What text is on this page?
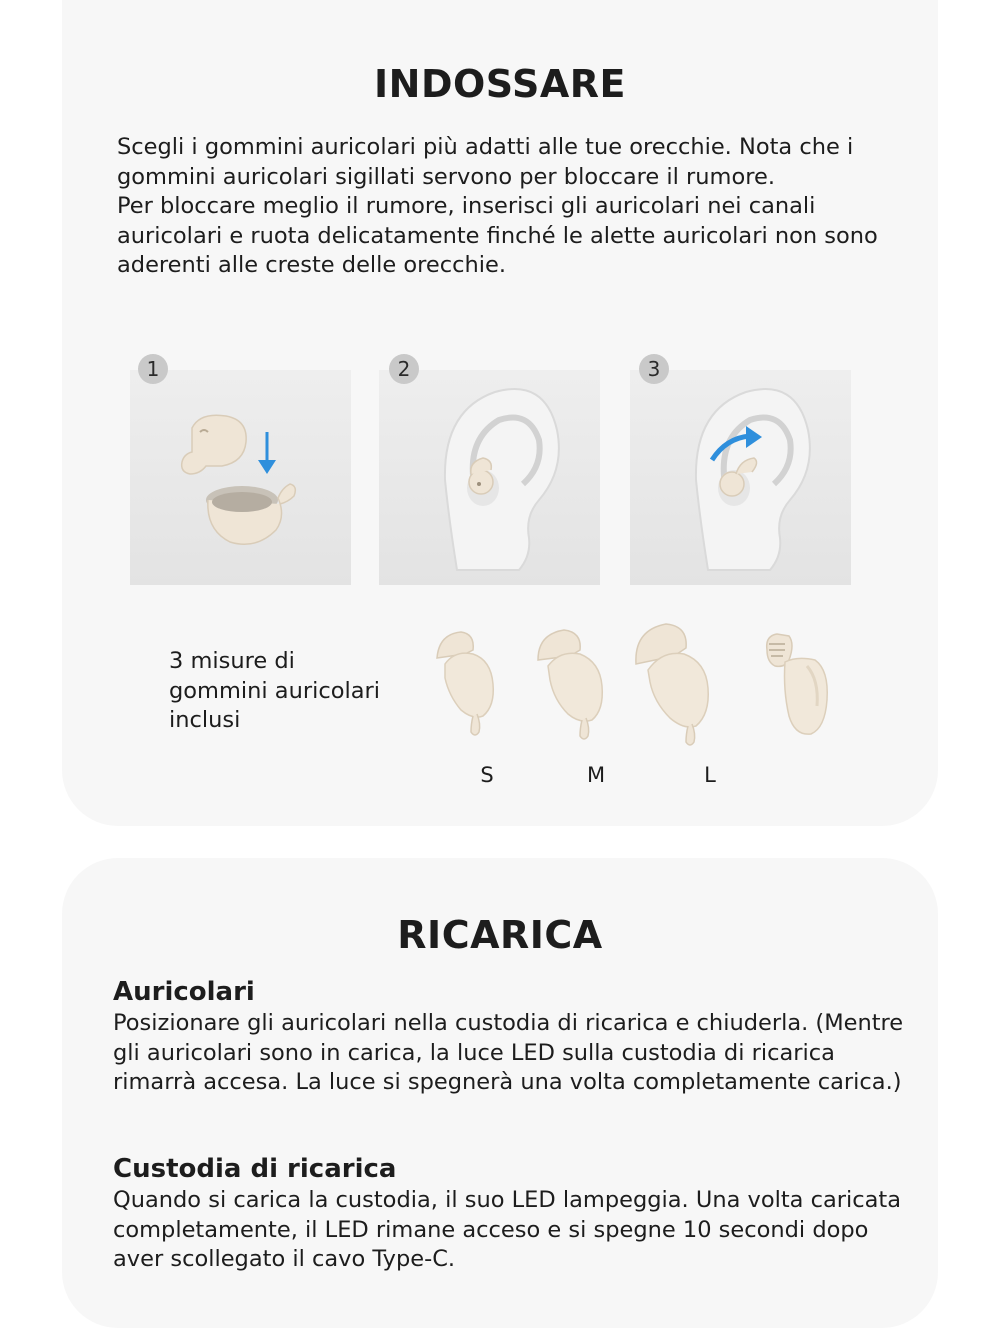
INDOSSARE
Scegli i gommini auricolari più adatti alle tue orecchie. Nota che i gommini auricolari sigillati servono per bloccare il rumore.
Per bloccare meglio il rumore, inserisci gli auricolari nei canali auricolari e ruota delicatamente finché le alette auricolari non sono aderenti alle creste delle orecchie.
1	2	3
3 misure di gommini auricolari inclusi
S	M	L
RICARICA
Auricolari
Posizionare gli auricolari nella custodia di ricarica e chiuderla. (Mentre gli auricolari sono in carica, la luce LED sulla custodia di ricarica rimarrà accesa. La luce si spegnerà una volta completamente carica.)
Custodia di ricarica
Quando si carica la custodia, il suo LED lampeggia. Una volta caricata completamente, il LED rimane acceso e si spegne 10 secondi dopo aver scollegato il cavo Type-C.
